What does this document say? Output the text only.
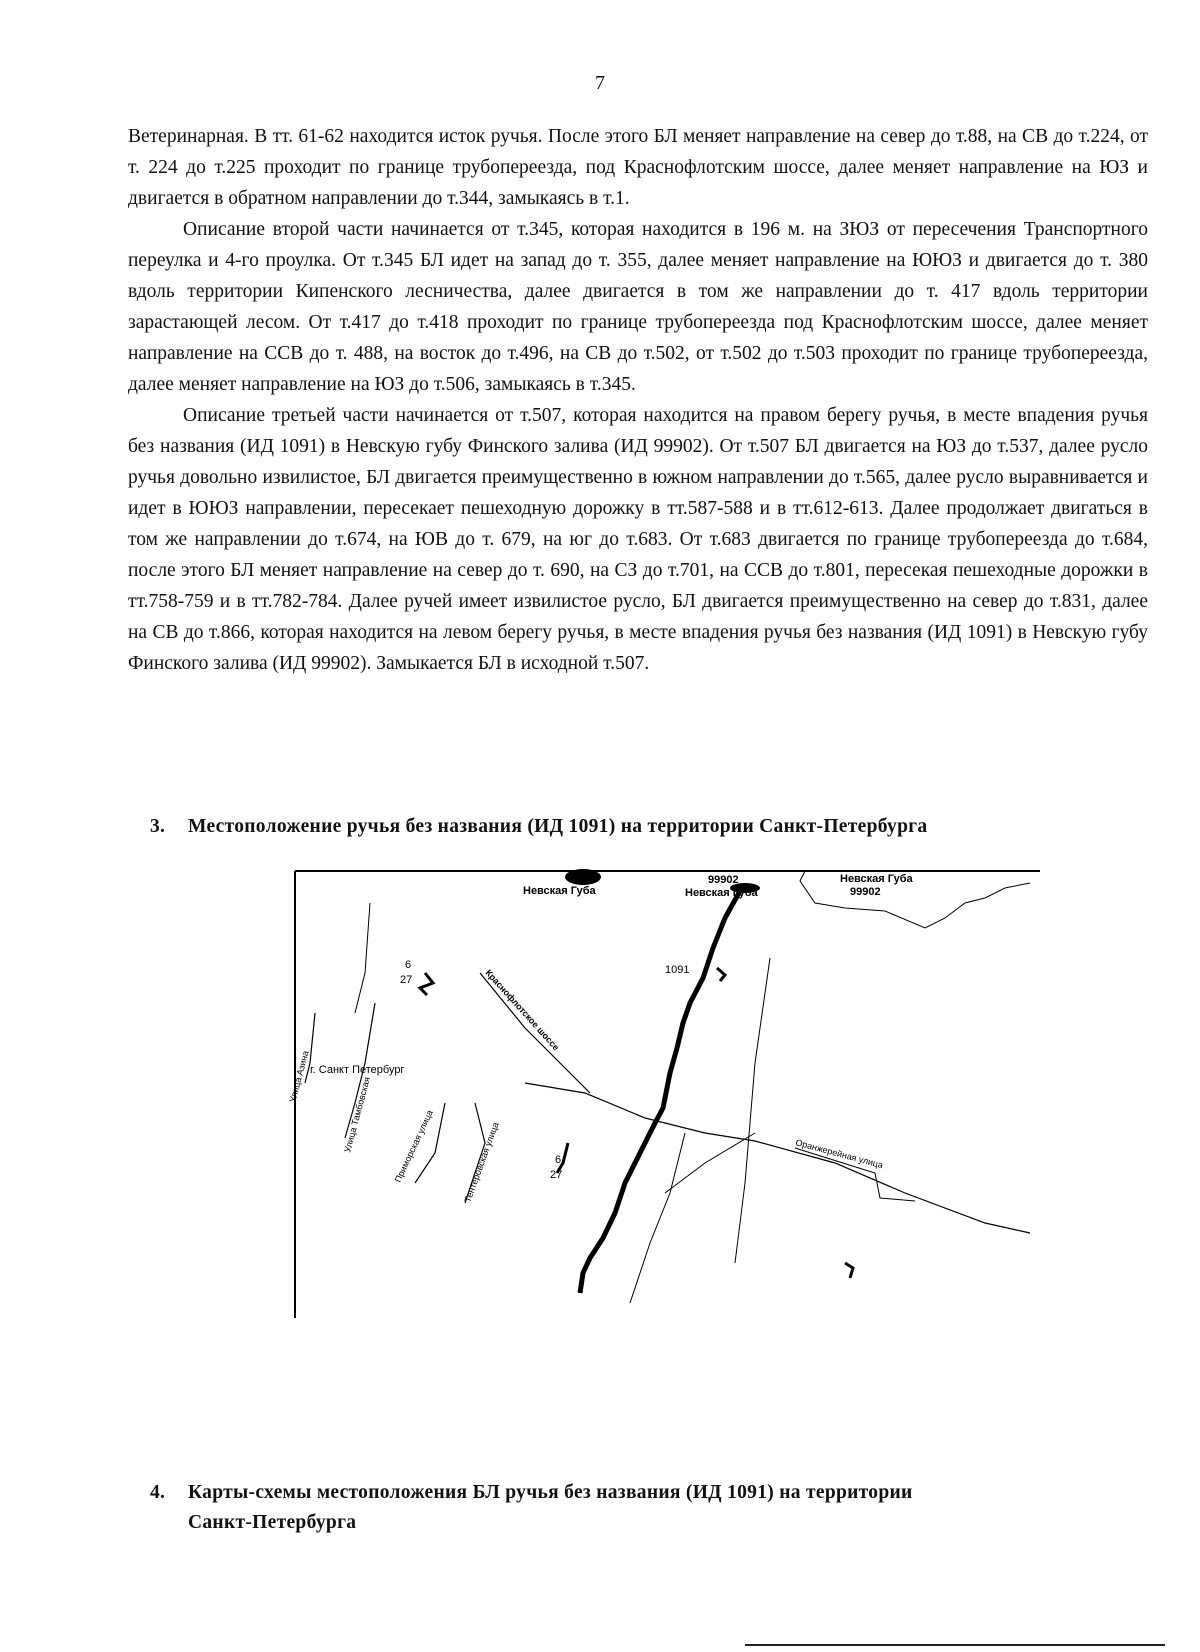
7

Ветеринарная. В тт. 61-62 находится исток ручья. После этого БЛ меняет направление на север до т.88, на СВ до т.224, от т. 224 до т.225 проходит по границе трубопереезда, под Краснофлотским шоссе, далее меняет направление на ЮЗ и двигается в обратном направлении до т.344, замыкаясь в т.1.

Описание второй части начинается от т.345, которая находится в 196 м. на ЗЮЗ от пересечения Транспортного переулка и 4-го проулка. От т.345 БЛ идет на запад до т. 355, далее меняет направление на ЮЮЗ и двигается до т. 380 вдоль территории Кипенского лесничества, далее двигается в том же направлении до т. 417 вдоль территории зарастающей лесом. От т.417 до т.418 проходит по границе трубопереезда под Краснофлотским шоссе, далее меняет направление на ССВ до т. 488, на восток до т.496, на СВ до т.502, от т.502 до т.503 проходит по границе трубопереезда, далее меняет направление на ЮЗ до т.506, замыкаясь в т.345.

Описание третьей части начинается от т.507, которая находится на правом берегу ручья, в месте впадения ручья без названия (ИД 1091) в Невскую губу Финского залива (ИД 99902). От т.507 БЛ двигается на ЮЗ до т.537, далее русло ручья довольно извилистое, БЛ двигается преимущественно в южном направлении до т.565, далее русло выравнивается и идет в ЮЮЗ направлении, пересекает пешеходную дорожку в тт.587-588 и в тт.612-613. Далее продолжает двигаться в том же направлении до т.674, на ЮВ до т. 679, на юг до т.683. От т.683 двигается по границе трубопереезда до т.684, после этого БЛ меняет направление на север до т. 690, на СЗ до т.701, на ССВ до т.801, пересекая пешеходные дорожки в тт.758-759 и в тт.782-784. Далее ручей имеет извилистое русло, БЛ двигается преимущественно на север до т.831, далее на СВ до т.866, которая находится на левом берегу ручья, в месте впадения ручья без названия (ИД 1091) в Невскую губу Финского залива (ИД 99902). Замыкается БЛ в исходной т.507.

3. Местоположение ручья без названия (ИД 1091) на территории Санкт-Петербурга
Невская Губа
99902
Невская Губа
Невская Губа
99902
1091
г. Санкт Петербург
Краснофлотское шоссе
Улица Азина	Улица Тамбовская Приморская улица	Тентеровская улица	Оранжерейная улица
6
27
6
27
4. Карты-схемы местоположения БЛ ручья без названия (ИД 1091) на территории
Санкт-Петербурга
